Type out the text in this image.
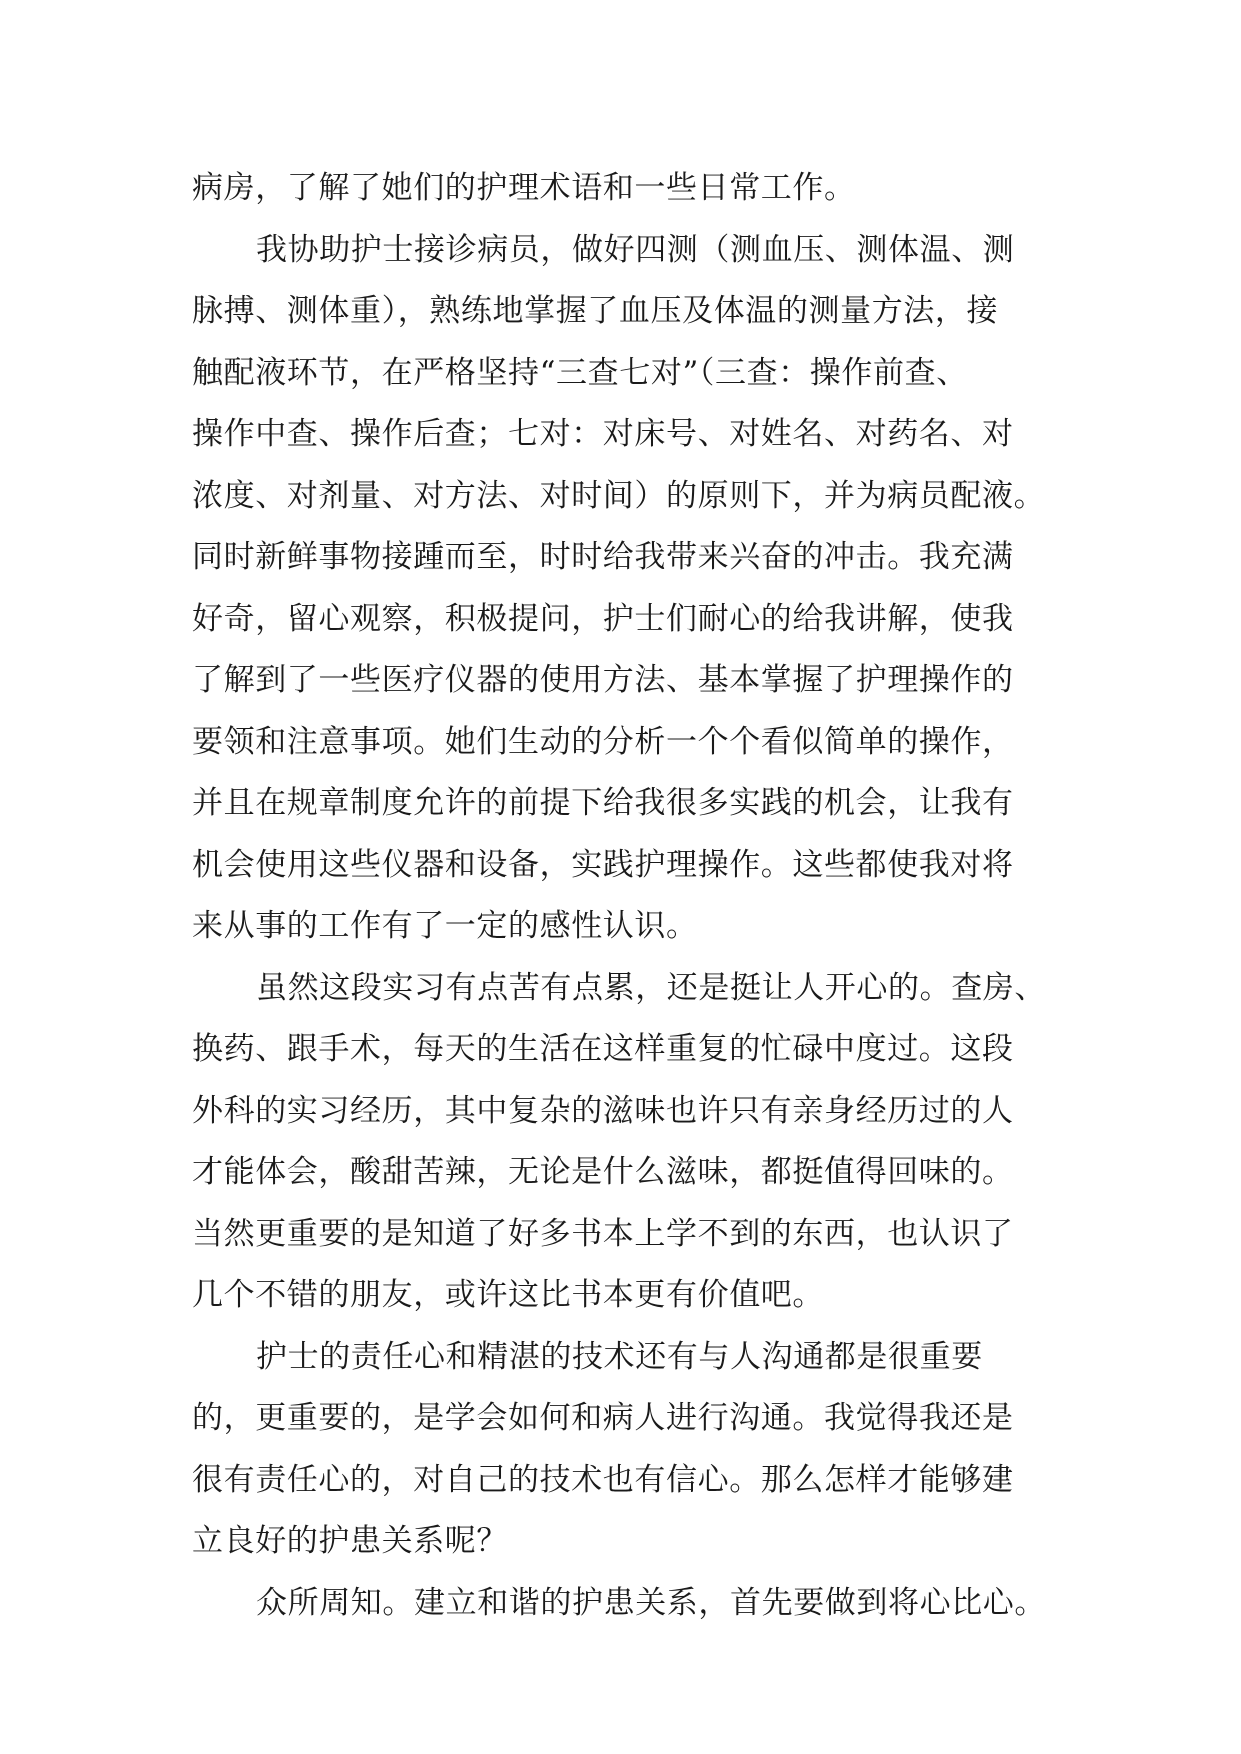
病房，了解了她们的护理术语和一些日常工作。
我协助护士接诊病员，做好四测（测血压、测体温、测
脉搏、测体重），熟练地掌握了血压及体温的测量方法，接
触配液环节，在严格坚持“三查七对”（三查：操作前查、
操作中查、操作后查；七对：对床号、对姓名、对药名、对
浓度、对剂量、对方法、对时间）的原则下，并为病员配液。
同时新鲜事物接踵而至，时时给我带来兴奋的冲击。我充满
好奇，留心观察，积极提问，护士们耐心的给我讲解，使我
了解到了一些医疗仪器的使用方法、基本掌握了护理操作的
要领和注意事项。她们生动的分析一个个看似简单的操作，
并且在规章制度允许的前提下给我很多实践的机会，让我有
机会使用这些仪器和设备，实践护理操作。这些都使我对将
来从事的工作有了一定的感性认识。
虽然这段实习有点苦有点累，还是挺让人开心的。查房、
换药、跟手术，每天的生活在这样重复的忙碌中度过。这段
外科的实习经历，其中复杂的滋味也许只有亲身经历过的人
才能体会，酸甜苦辣，无论是什么滋味，都挺值得回味的。
当然更重要的是知道了好多书本上学不到的东西，也认识了
几个不错的朋友，或许这比书本更有价值吧。
护士的责任心和精湛的技术还有与人沟通都是很重要
的，更重要的，是学会如何和病人进行沟通。我觉得我还是
很有责任心的，对自己的技术也有信心。那么怎样才能够建
立良好的护患关系呢？
众所周知。建立和谐的护患关系，首先要做到将心比心。
